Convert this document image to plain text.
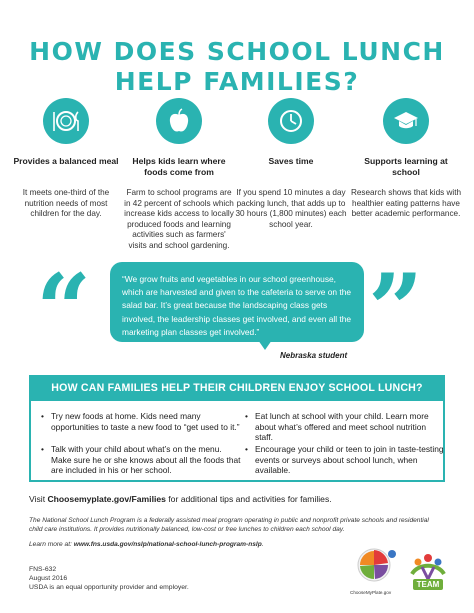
HOW DOES SCHOOL LUNCH
HELP FAMILIES?
Provides a balanced meal
It meets one-third of the nutrition needs of most children for the day.
Helps kids learn where foods come from
Farm to school programs are in 42 percent of schools which increase kids access to locally produced foods and learning activities such as farmers' visits and school gardening.
Saves time
If you spend 10 minutes a day packing lunch, that adds up to 30 hours (1,800 minutes) each school year.
Supports learning at school
Research shows that kids with healthier eating patterns have better academic performance.
“	”
“We grow fruits and vegetables in our school greenhouse, which are harvested and given to the cafeteria to serve on the salad bar. It’s great because the landscaping class gets involved, the leadership classes get involved, and even all the marketing plan classes get involved.”
Nebraska student
HOW CAN FAMILIES HELP THEIR CHILDREN ENJOY SCHOOL LUNCH?
• Try new foods at home. Kids need many opportunities to taste a new food to “get used to it.”
• Talk with your child about what’s on the menu. Make sure he or she knows about all the foods that are included in his or her school.
• Eat lunch at school with your child. Learn more about what’s offered and meet school nutrition staff.
• Encourage your child or teen to join in taste-testing events or surveys about school lunch, when available.
Visit Choosemyplate.gov/Families for additional tips and activities for families.
The National School Lunch Program is a federally assisted meal program operating in public and nonprofit private schools and residential child care institutions. It provides nutritionally balanced, low-cost or free lunches to children each school day.
Learn more at: www.fns.usda.gov/nslp/national-school-lunch-program-nslp.
FNS-632
August 2016
USDA is an equal opportunity provider and employer.
ChooseMyPlate.gov
TEAM
